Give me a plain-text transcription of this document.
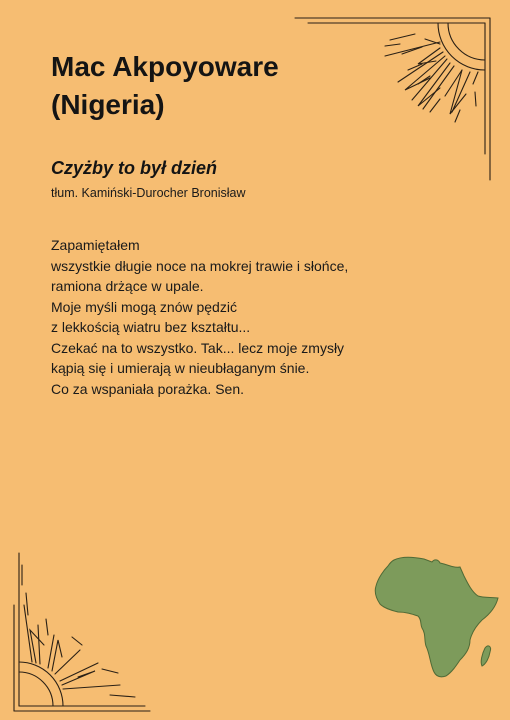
Mac Akpoyoware (Nigeria)
Czyżby to był dzień

tłum. Kamiński-Durocher Bronisław

Zapamiętałem
wszystkie długie noce na mokrej trawie i słońce,
ramiona drżące w upale.
Moje myśli mogą znów pędzić
z lekkością wiatru bez kształtu...
Czekać na to wszystko. Tak... lecz moje zmysły
kąpią się i umierają w nieubłaganym śnie.
Co za wspaniała porażka. Sen.
